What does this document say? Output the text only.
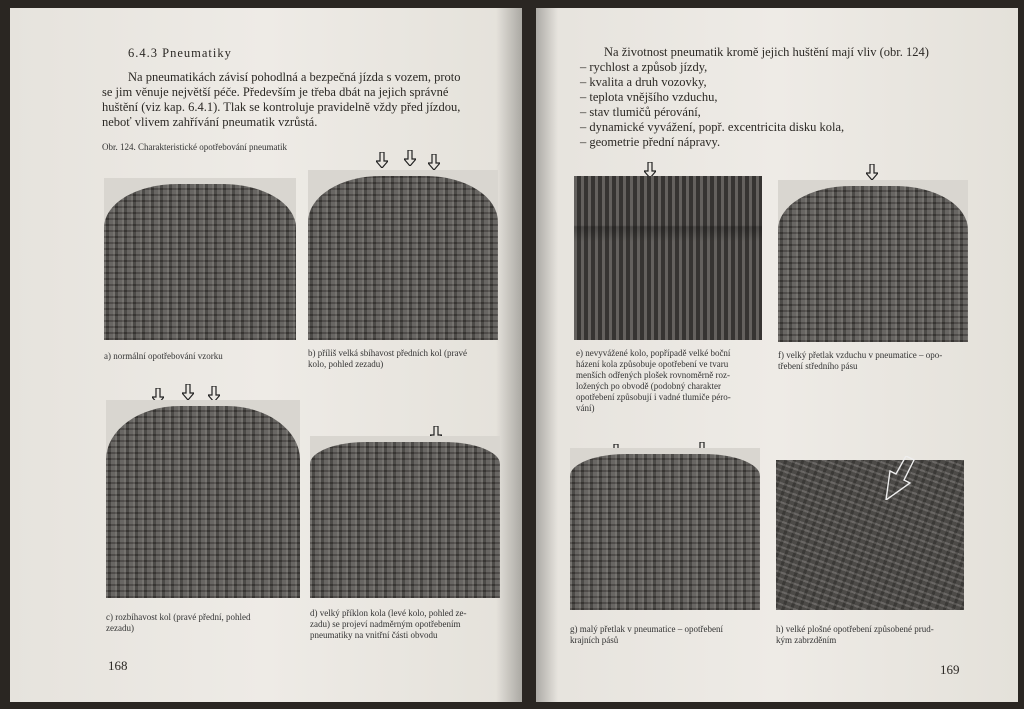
6.4.3 Pneumatiky
Na pneumatikách závisí pohodlná a bezpečná jízda s vozem, proto
se jim věnuje největší péče. Především je třeba dbát na jejich správné
huštění (viz kap. 6.4.1). Tlak se kontroluje pravidelně vždy před jízdou,
neboť vlivem zahřívání pneumatik vzrůstá.
Obr. 124. Charakteristické opotřebování pneumatik
a) normální opotřebování vzorku	b) příliš velká sbíhavost předních kol (pravé
kolo, pohled zezadu)
c) rozbíhavost kol (pravé přední, pohled
zezadu)
d) velký příklon kola (levé kolo, pohled ze-
zadu) se projeví nadměrným opotřebením
pneumatiky na vnitřní části obvodu
168
Na životnost pneumatik kromě jejich huštění mají vliv (obr. 124)
– rychlost a způsob jízdy,
– kvalita a druh vozovky,
– teplota vnějšího vzduchu,
– stav tlumičů pérování,
– dynamické vyvážení, popř. excentricita disku kola,
– geometrie přední nápravy.
e) nevyvážené kolo, popřípadě velké boční
házení kola způsobuje opotřebení ve tvaru
menších odřených plošek rovnoměrně roz-
ložených po obvodě (podobný charakter
opotřebení způsobují i vadné tlumiče péro-
vání)
f) velký přetlak vzduchu v pneumatice – opo-
třebení středního pásu
g) malý přetlak v pneumatice – opotřebení
krajních pásů
h) velké plošné opotřebení způsobené prud-
kým zabrzděním
169
